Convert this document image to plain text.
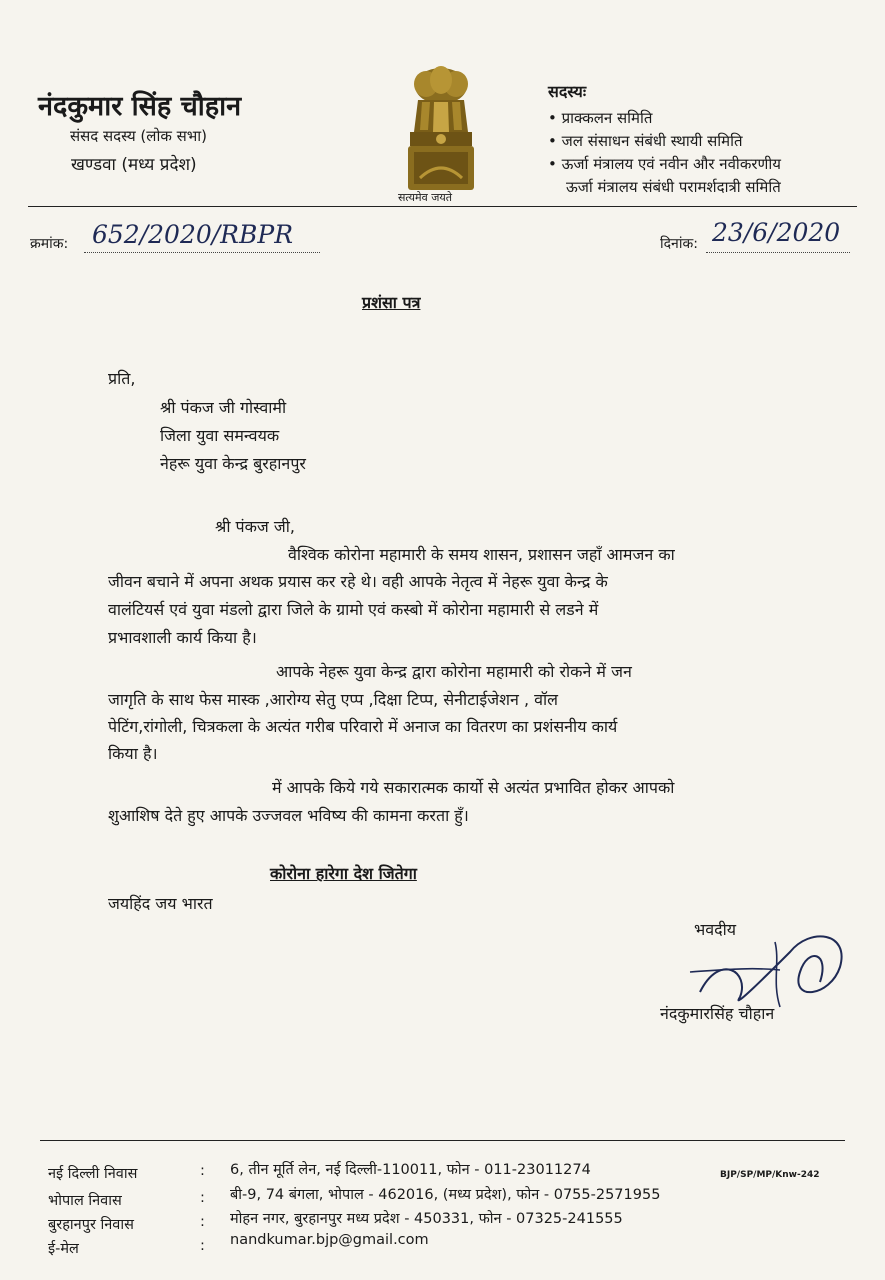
नंदकुमार सिंह चौहान
संसद सदस्य (लोक सभा)
खण्डवा (मध्य प्रदेश)
सत्यमेव जयते
सदस्यः
• प्राक्कलन समिति
• जल संसाधन संबंधी स्थायी समिति
• ऊर्जा मंत्रालय एवं नवीन और नवीकरणीय
ऊर्जा मंत्रालय संबंधी परामर्शदात्री समिति
क्रमांक: 652/2020/RBPR	दिनांक: 23/6/2020
प्रशंसा पत्र
प्रति,
श्री पंकज जी गोस्वामी
जिला युवा समन्वयक
नेहरू युवा केन्द्र बुरहानपुर
श्री पंकज जी,
वैश्विक कोरोना महामारी के समय शासन, प्रशासन जहॉं आमजन का
जीवन बचाने में अपना अथक प्रयास कर रहे थे। वही आपके नेतृत्व में नेहरू युवा केन्द्र के
वालंटियर्स एवं युवा मंडलो द्वारा जिले के ग्रामो एवं कस्बो में कोरोना महामारी से लडने में
प्रभावशाली कार्य किया है।
आपके नेहरू युवा केन्द्र द्वारा कोरोना महामारी को रोकने में जन
जागृति के साथ फेस मास्क ,आरोग्य सेतु एप्प ,दिक्षा टिप्प, सेनीटाईजेशन , वॉल
पेटिंग,रांगोली, चित्रकला के अत्यंत गरीब परिवारो में अनाज का वितरण का प्रशंसनीय कार्य
किया है।
में आपके किये गये सकारात्मक कार्यो से अत्यंत प्रभावित होकर आपको
शुआशिष देते हुए आपके उज्जवल भविष्य की कामना करता हुॅं।
कोरोना हारेगा देश जितेगा
जयहिंद जय भारत
भवदीय
नंदकुमारसिंह चौहान
नई दिल्ली निवास	: 6, तीन मूर्ति लेन, नई दिल्ली-110011, फोन - 011-23011274	BJP/SP/MP/Knw-242
भोपाल निवास	: बी-9, 74 बंगला, भोपाल - 462016, (मध्य प्रदेश), फोन - 0755-2571955
बुरहानपुर निवास	: मोहन नगर, बुरहानपुर मध्य प्रदेश - 450331, फोन - 07325-241555
ई-मेल	: nandkumar.bjp@gmail.com
